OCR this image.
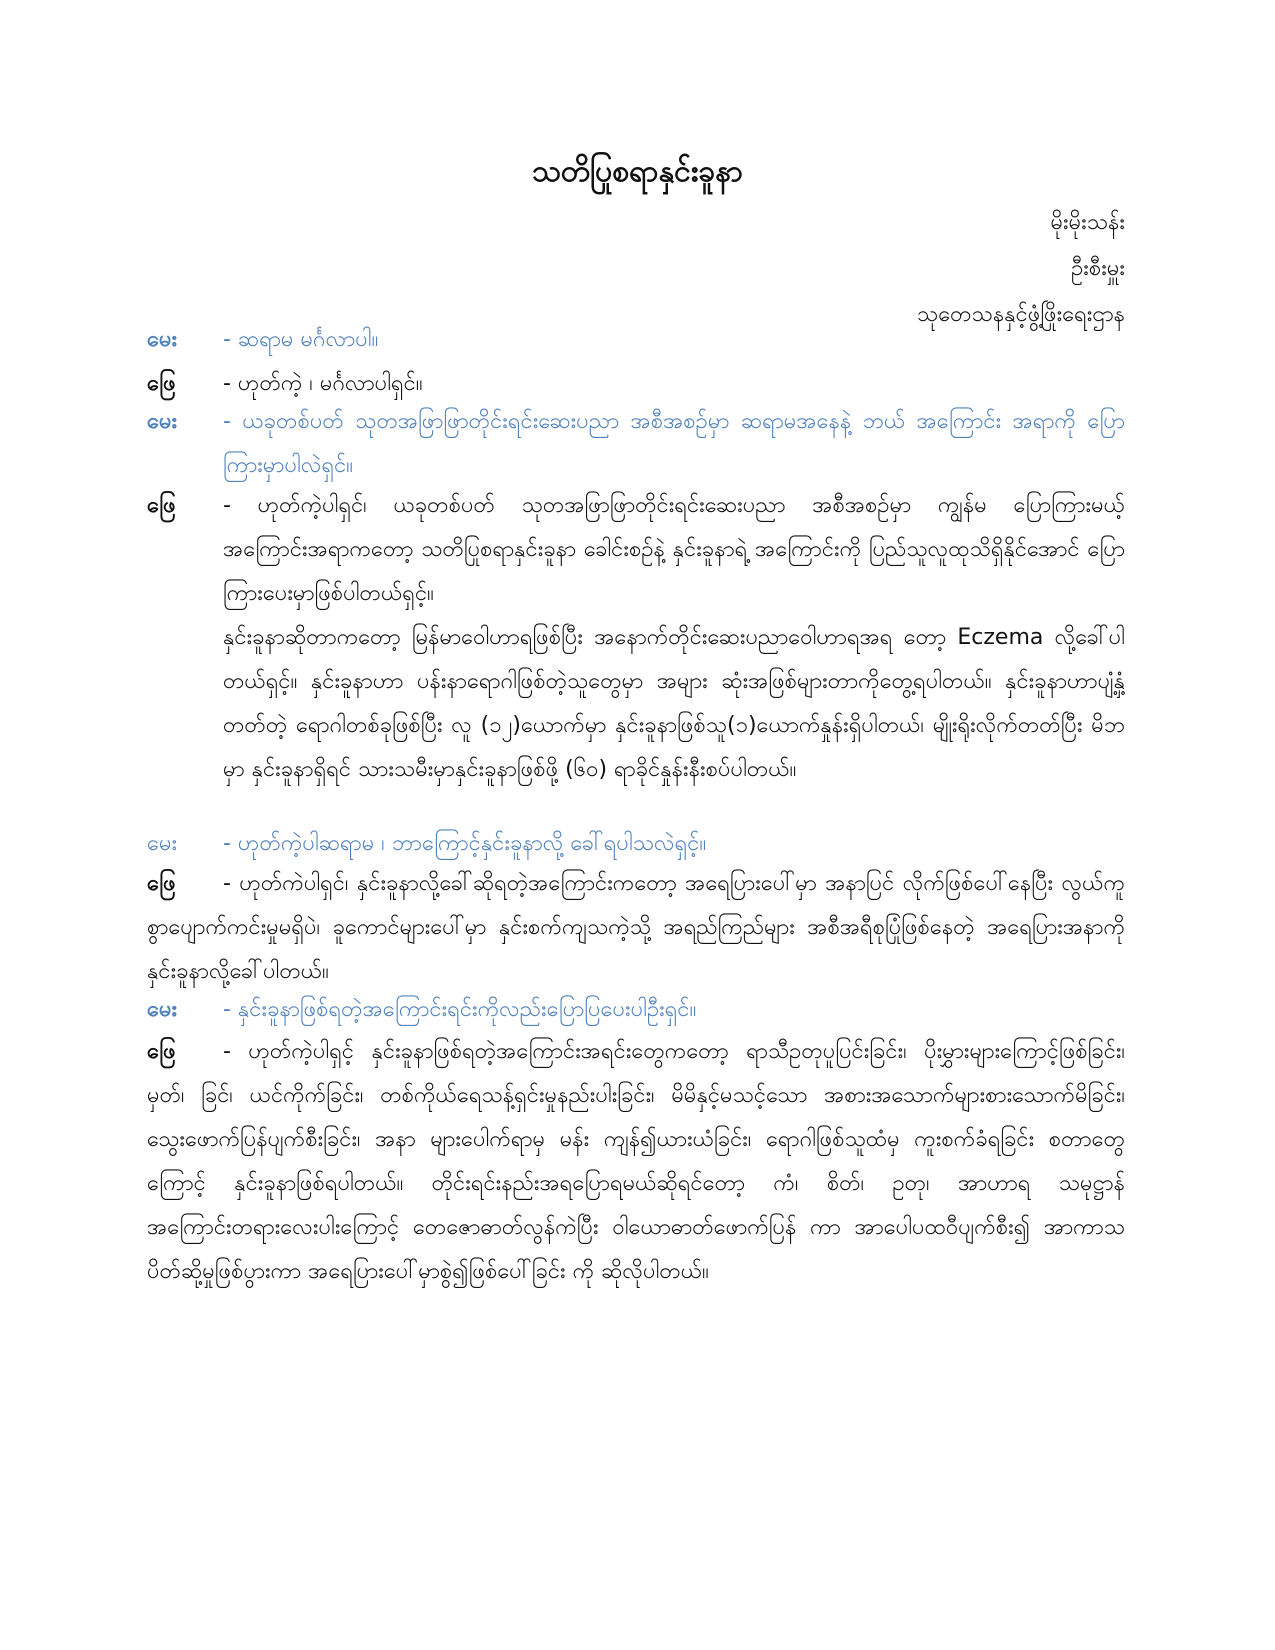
သတိပြုစရာနှင်းခူနာ
မိုးမိုးသန်း
ဦးစီးမှူး
သုတေသနနှင့်ဖွံ့ဖြိုးရေးဌာန
မေး - ဆရာမ မင်္ဂလာပါ။

ဖြေ - ဟုတ်ကဲ့ ၊ မင်္ဂလာပါရှင်။

မေး - ယခုတစ်ပတ် သုတအဖြာဖြာတိုင်းရင်းဆေးပညာ အစီအစဉ်မှာ ဆရာမအနေနဲ့ ဘယ် အကြောင်း အရာကို ပြောကြားမှာပါလဲရှင်။

ဖြေ - ဟုတ်ကဲ့ပါရှင်၊ ယခုတစ်ပတ် သုတအဖြာဖြာတိုင်းရင်းဆေးပညာ အစီအစဉ်မှာ ကျွန်မ ပြောကြားမယ့်အကြောင်းအရာကတော့ သတိပြုစရာနှင်းခူနာ ခေါင်းစဉ်နဲ့ နှင်းခူနာရဲ့ အကြောင်းကို ပြည်သူလူထုသိရှိနိုင်အောင် ပြောကြားပေးမှာဖြစ်ပါတယ်ရှင့်။

နှင်းခူနာဆိုတာကတော့ မြန်မာဝေါဟာရဖြစ်ပြီး အနောက်တိုင်းဆေးပညာဝေါဟာရအရ တော့ Eczema လို့ခေါ်ပါတယ်ရှင့်။ နှင်းခူနာဟာ ပန်းနာရောဂါဖြစ်တဲ့သူတွေမှာ အများ ဆုံးအဖြစ်များတာကိုတွေ့ရပါတယ်။ နှင်းခူနာဟာပျံ့နှံ့တတ်တဲ့ ရောဂါတစ်ခုဖြစ်ပြီး လူ (၁၂)ယောက်မှာ နှင်းခူနာဖြစ်သူ(၁)ယောက်နှုန်းရှိပါတယ်၊ မျိုးရိုးလိုက်တတ်ပြီး မိဘမှာ နှင်းခူနာရှိရင် သားသမီးမှာနှင်းခူနာဖြစ်ဖို့ (၆၀) ရာခိုင်နှုန်းနီးစပ်ပါတယ်။

မေး - ဟုတ်ကဲ့ပါဆရာမ ၊ ဘာကြောင့်နှင်းခူနာလို့ ခေါ်ရပါသလဲရှင့်။

ဖြေ	- ဟုတ်ကဲပါရှင်၊ နှင်းခူနာလို့ခေါ်ဆိုရတဲ့အကြောင်းကတော့ အရေပြားပေါ်မှာ အနာပြင် လိုက်ဖြစ်ပေါ်နေပြီး လွယ်ကူစွာပျောက်ကင်းမှုမရှိပဲ၊ ခူကောင်များပေါ်မှာ နှင်းစက်ကျသကဲ့သို့ အရည်ကြည်များ အစီအရီစုပြုံဖြစ်နေတဲ့ အရေပြားအနာကို နှင်းခူနာလို့ခေါ်ပါတယ်။

မေး - နှင်းခူနာဖြစ်ရတဲ့အကြောင်းရင်းကိုလည်းပြောပြပေးပါဦးရှင်။

ဖြေ	- ဟုတ်ကဲ့ပါရှင့် နှင်းခူနာဖြစ်ရတဲ့အကြောင်းအရင်းတွေကတော့ ရာသီဥတုပူပြင်းခြင်း၊ ပိုးမွှားများကြောင့်ဖြစ်ခြင်း၊ မှတ်၊ ခြင်၊ ယင်ကိုက်ခြင်း၊ တစ်ကိုယ်ရေသန့်ရှင်းမှုနည်းပါးခြင်း၊ မိမိနှင့်မသင့်သော အစားအသောက်များစားသောက်မိခြင်း၊ သွေးဖောက်ပြန်ပျက်စီးခြင်း၊ အနာ များပေါက်ရာမှ မန်း ကျန်၍ယားယံခြင်း၊ ရောဂါဖြစ်သူထံမှ ကူးစက်ခံရခြင်း စတာတွေကြောင့် နှင်းခူနာဖြစ်ရပါတယ်။ တိုင်းရင်းနည်းအရပြောရမယ်ဆိုရင်တော့ ကံ၊ စိတ်၊ ဥတု၊ အာဟာရ သမုဋ္ဌာန် အကြောင်းတရားလေးပါးကြောင့် တေဇောဓာတ်လွန်ကဲပြီး ဝါယောဓာတ်ဖောက်ပြန် ကာ အာပေါပထဝီပျက်စီး၍ အာကာသပိတ်ဆို့မှုဖြစ်ပွားကာ အရေပြားပေါ်မှာစွဲ၍ဖြစ်ပေါ်ခြင်း ကို ဆိုလိုပါတယ်။
